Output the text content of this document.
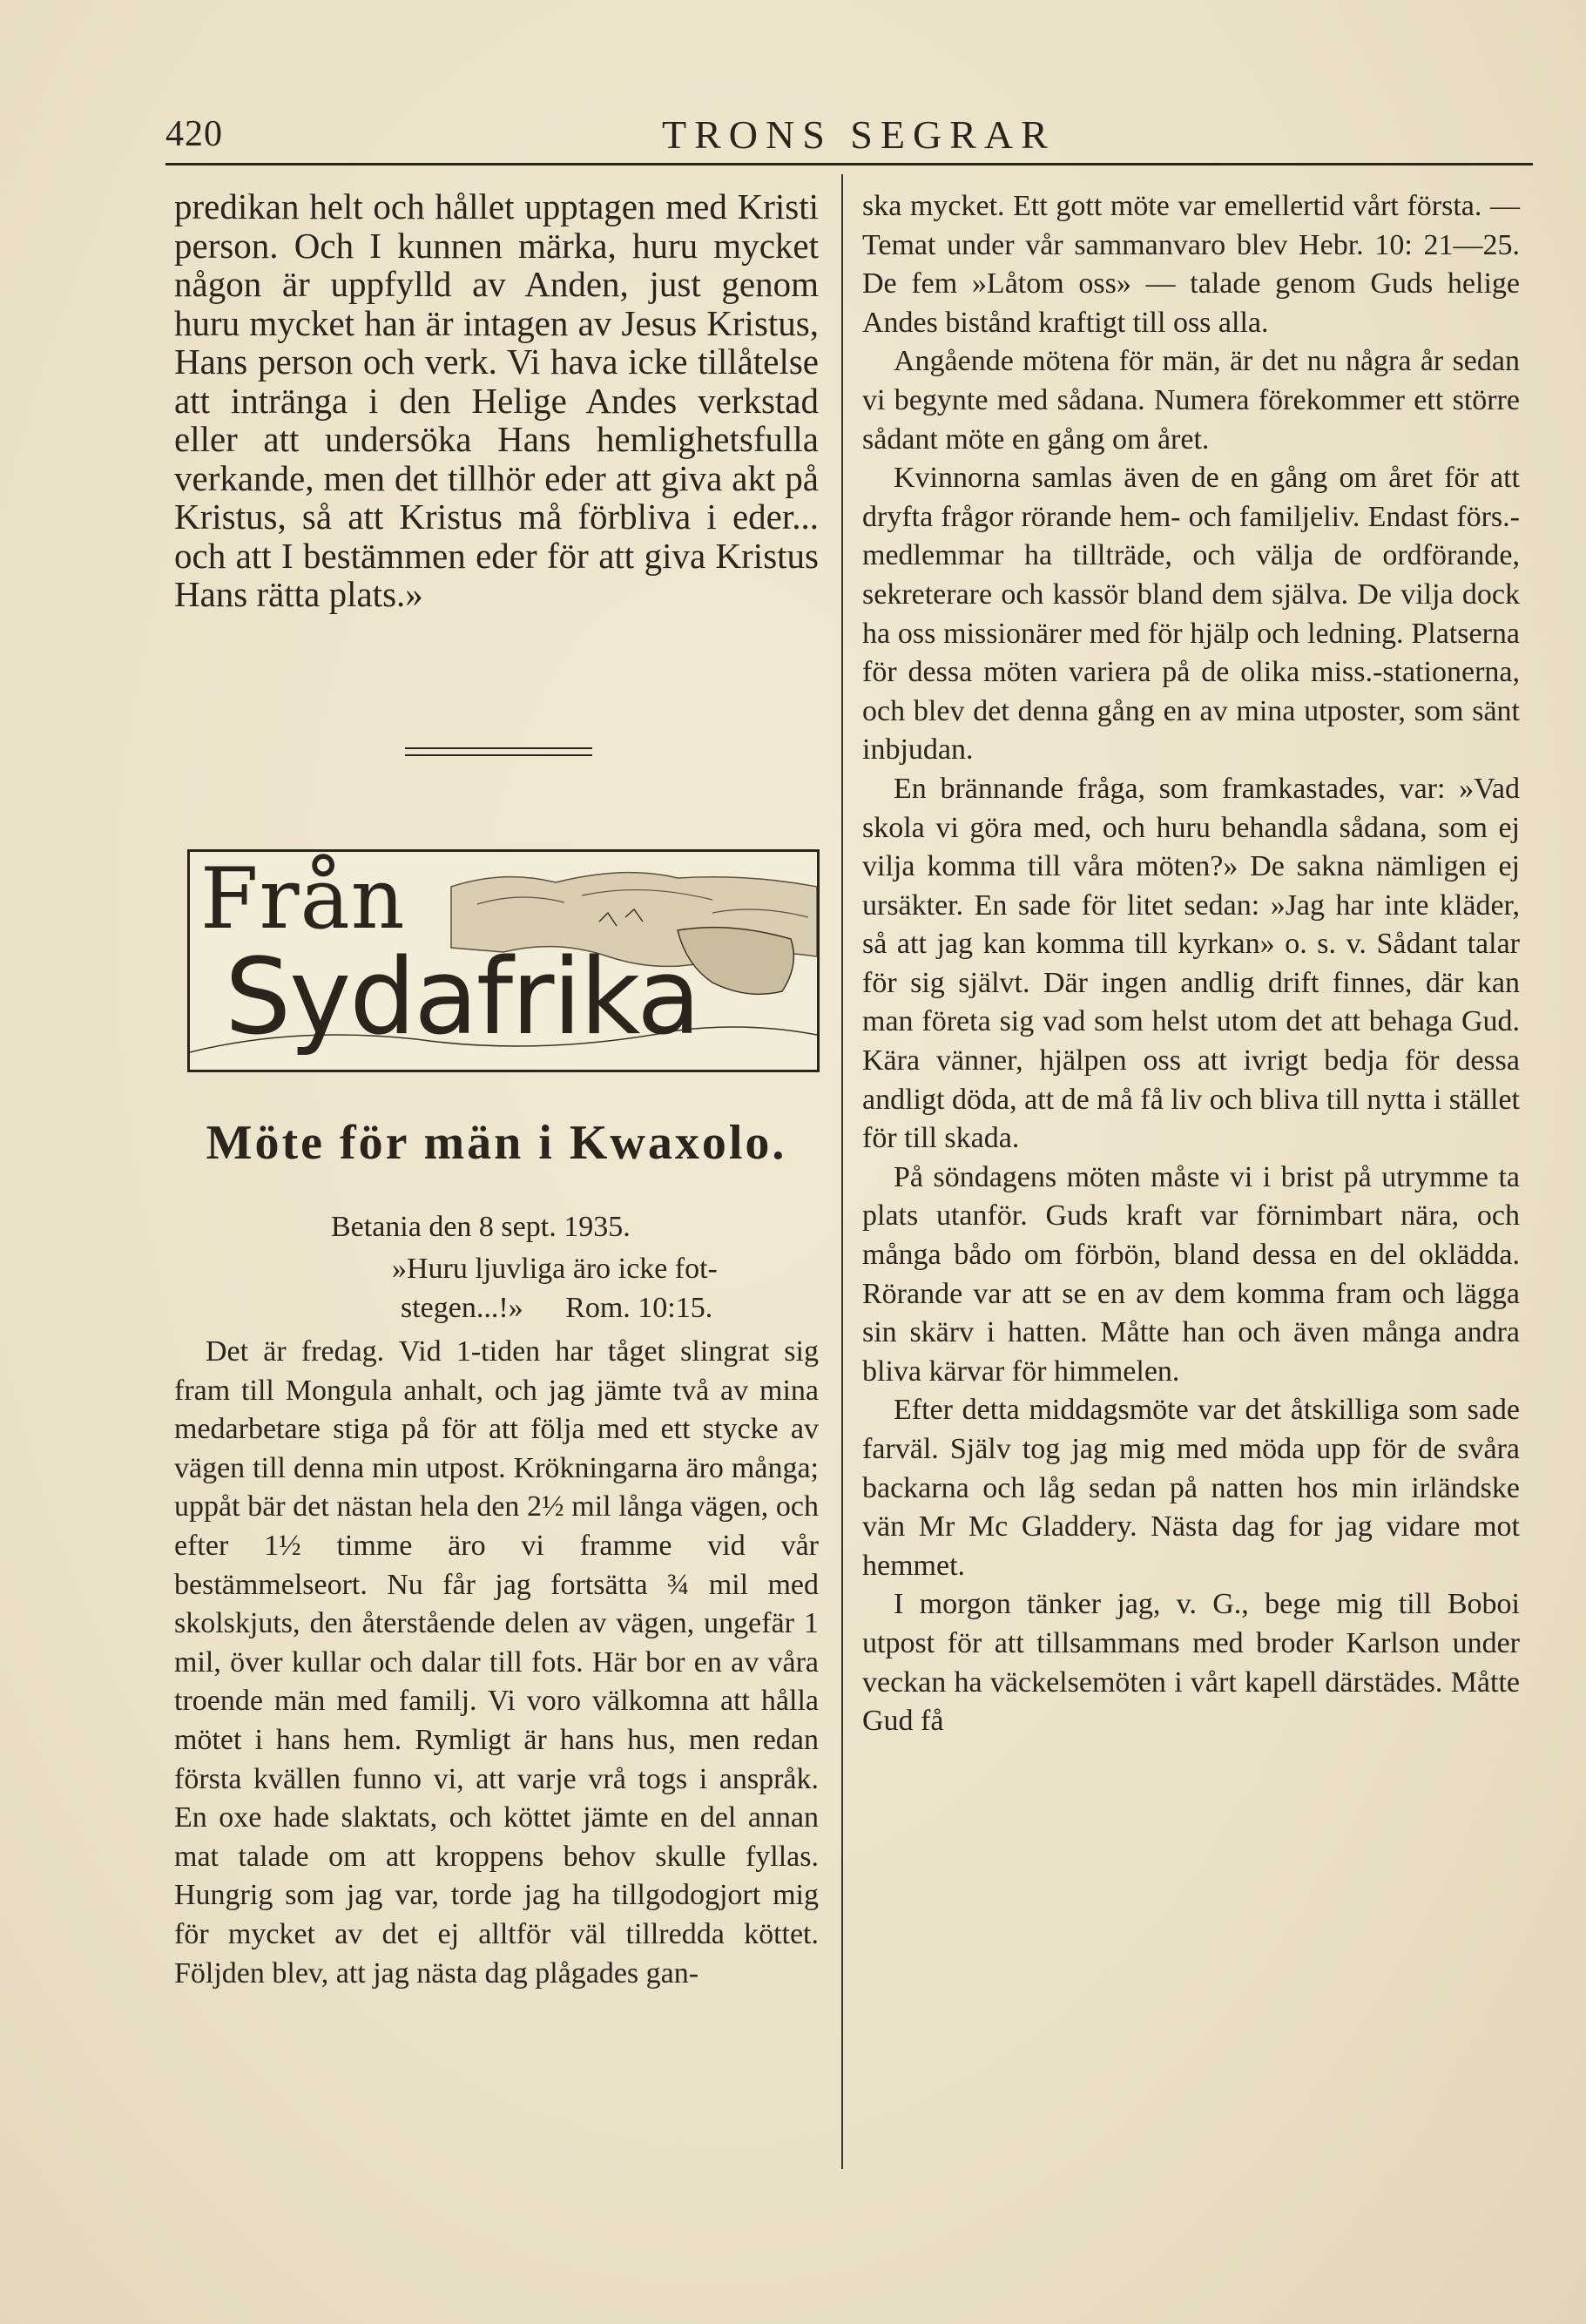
420	TRONS SEGRAR

predikan helt och hållet upptagen med Kristi person. Och I kunnen märka, huru mycket någon är uppfylld av Anden, just genom huru mycket han är intagen av Jesus Kristus, Hans person och verk. Vi hava icke tillåtelse att intränga i den Helige Andes verkstad eller att undersöka Hans hemlighetsfulla verkande, men det tillhör eder att giva akt på Kristus, så att Kristus må förbliva i eder... och att I bestämmen eder för att giva Kristus Hans rätta plats.»

Från
Sydafrika
Möte för män i Kwaxolo.
Betania den 8 sept. 1935.
»Huru ljuvliga äro icke fot-
stegen...!» Rom. 10:15.

Det är fredag. Vid 1-tiden har tåget slingrat sig fram till Mongula anhalt, och jag jämte två av mina medarbetare stiga på för att följa med ett stycke av vägen till denna min utpost. Krökningarna äro många; uppåt bär det nästan hela den 2½ mil långa vägen, och efter 1½ timme äro vi framme vid vår bestämmelseort. Nu får jag fortsätta ¾ mil med skolskjuts, den återstående delen av vägen, ungefär 1 mil, över kullar och dalar till fots. Här bor en av våra troende män med familj. Vi voro välkomna att hålla mötet i hans hem. Rymligt är hans hus, men redan första kvällen funno vi, att varje vrå togs i anspråk. En oxe hade slaktats, och köttet jämte en del annan mat talade om att kroppens behov skulle fyllas. Hungrig som jag var, torde jag ha tillgodogjort mig för mycket av det ej alltför väl tillredda köttet. Följden blev, att jag nästa dag plågades gan-

ska mycket. Ett gott möte var emellertid vårt första. — Temat under vår sammanvaro blev Hebr. 10: 21—25. De fem »Låtom oss» — talade genom Guds helige Andes bistånd kraftigt till oss alla.

Angående mötena för män, är det nu några år sedan vi begynte med sådana. Numera förekommer ett större sådant möte en gång om året.

Kvinnorna samlas även de en gång om året för att dryfta frågor rörande hem- och familjeliv. Endast förs.-medlemmar ha tillträde, och välja de ordförande, sekreterare och kassör bland dem själva. De vilja dock ha oss missionärer med för hjälp och ledning. Platserna för dessa möten variera på de olika miss.-stationerna, och blev det denna gång en av mina utposter, som sänt inbjudan.

En brännande fråga, som framkastades, var: »Vad skola vi göra med, och huru behandla sådana, som ej vilja komma till våra möten?» De sakna nämligen ej ursäkter. En sade för litet sedan: »Jag har inte kläder, så att jag kan komma till kyrkan» o. s. v. Sådant talar för sig självt. Där ingen andlig drift finnes, där kan man företa sig vad som helst utom det att behaga Gud. Kära vänner, hjälpen oss att ivrigt bedja för dessa andligt döda, att de må få liv och bliva till nytta i stället för till skada.

På söndagens möten måste vi i brist på utrymme ta plats utanför. Guds kraft var förnimbart nära, och många bådo om förbön, bland dessa en del okläddа. Rörande var att se en av dem komma fram och lägga sin skärv i hatten. Måtte han och även många andra bliva kärvar för himmelen.

Efter detta middagsmöte var det åtskilliga som sade farväl. Själv tog jag mig med möda upp för de svåra backarna och låg sedan på natten hos min irländske vän Mr Mc Gladdery. Nästa dag for jag vidare mot hemmet.

I morgon tänker jag, v. G., bege mig till Boboi utpost för att tillsammans med broder Karlson under veckan ha väckelsemöten i vårt kapell därstädes. Måtte Gud få
